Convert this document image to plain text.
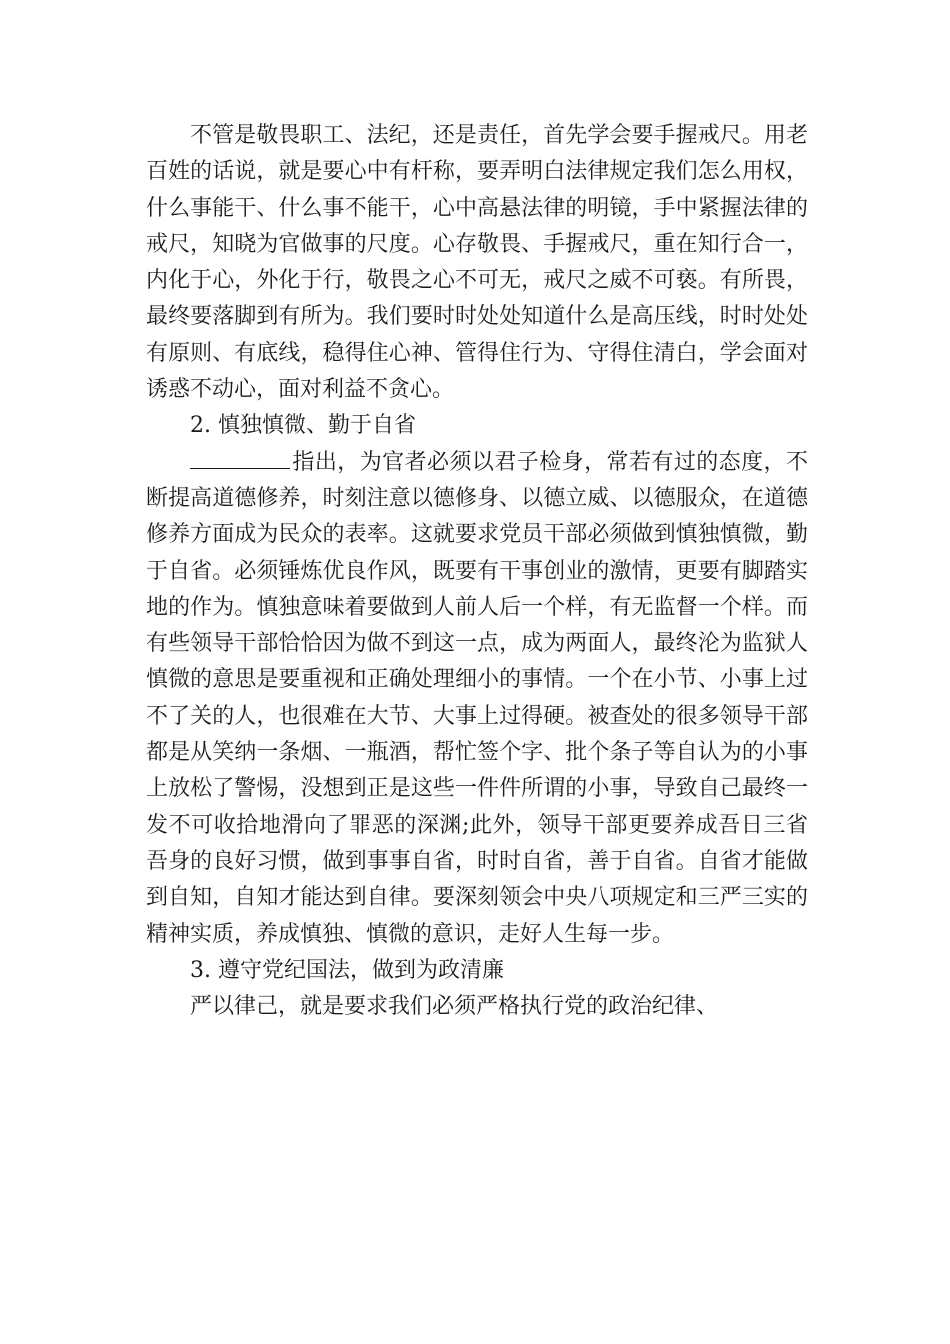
不管是敬畏职工、法纪，还是责任，首先学会要手握戒尺。用老百姓的话说，就是要心中有杆称，要弄明白法律规定我们怎么用权，什么事能干、什么事不能干，心中高悬法律的明镜，手中紧握法律的戒尺，知晓为官做事的尺度。心存敬畏、手握戒尺，重在知行合一，内化于心，外化于行，敬畏之心不可无，戒尺之威不可亵。有所畏，最终要落脚到有所为。我们要时时处处知道什么是高压线，时时处处有原则、有底线，稳得住心神、管得住行为、守得住清白，学会面对诱惑不动心，面对利益不贪心。

2. 慎独慎微、勤于自省

指出，为官者必须以君子检身，常若有过的态度，不断提高道德修养，时刻注意以德修身、以德立威、以德服众，在道德修养方面成为民众的表率。这就要求党员干部必须做到慎独慎微，勤于自省。必须锤炼优良作风，既要有干事创业的激情，更要有脚踏实地的作为。慎独意味着要做到人前人后一个样，有无监督一个样。而有些领导干部恰恰因为做不到这一点，成为两面人，最终沦为监狱人慎微的意思是要重视和正确处理细小的事情。一个在小节、小事上过不了关的人，也很难在大节、大事上过得硬。被查处的很多领导干部都是从笑纳一条烟、一瓶酒，帮忙签个字、批个条子等自认为的小事上放松了警惕，没想到正是这些一件件所谓的小事，导致自己最终一发不可收拾地滑向了罪恶的深渊;此外，领导干部更要养成吾日三省吾身的良好习惯，做到事事自省，时时自省，善于自省。自省才能做到自知，自知才能达到自律。要深刻领会中央八项规定和三严三实的精神实质，养成慎独、慎微的意识，走好人生每一步。

3. 遵守党纪国法，做到为政清廉

严以律己，就是要求我们必须严格执行党的政治纪律、
